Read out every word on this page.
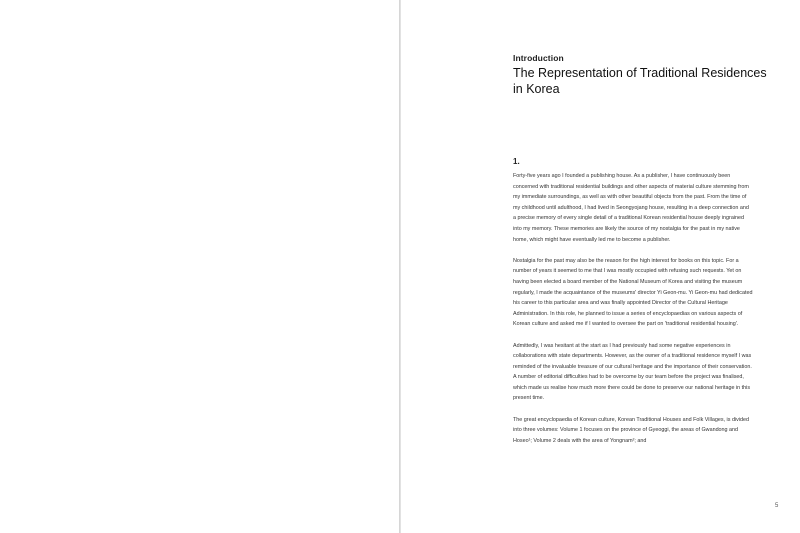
Introduction
The Representation of Traditional Residences in Korea
1.

Forty-five years ago I founded a publishing house. As a publisher, I have continuously been concerned with traditional residential buildings and other aspects of material culture stemming from my immediate surroundings, as well as with other beautiful objects from the past. From the time of my childhood until adulthood, I had lived in Seongyojang house, resulting in a deep connection and a precise memory of every single detail of a traditional Korean residential house deeply ingrained into my memory. These memories are likely the source of my nostalgia for the past in my native home, which might have eventually led me to become a publisher.

Nostalgia for the past may also be the reason for the high interest for books on this topic. For a number of years it seemed to me that I was mostly occupied with refusing such requests. Yet on having been elected a board member of the National Museum of Korea and visiting the museum regularly, I made the acquaintance of the museums' director Yi Geon-mu. Yi Geon-mu had dedicated his career to this particular area and was finally appointed Director of the Cultural Heritage Administration. In this role, he planned to issue a series of encyclopaedias on various aspects of Korean culture and asked me if I wanted to oversee the part on 'traditional residential housing'.

Admittedly, I was hesitant at the start as I had previously had some negative experiences in collaborations with state departments. However, as the owner of a traditional residence myself I was reminded of the invaluable treasure of our cultural heritage and the importance of their conservation. A number of editorial difficulties had to be overcome by our team before the project was finalised, which made us realise how much more there could be done to preserve our national heritage in this present time.

The great encyclopaedia of Korean culture, Korean Traditional Houses and Folk Villages, is divided into three volumes: Volume 1 focuses on the province of Gyeoggi, the areas of Gwandong and Hoseo¹; Volume 2 deals with the area of Yongnam²; and

5
